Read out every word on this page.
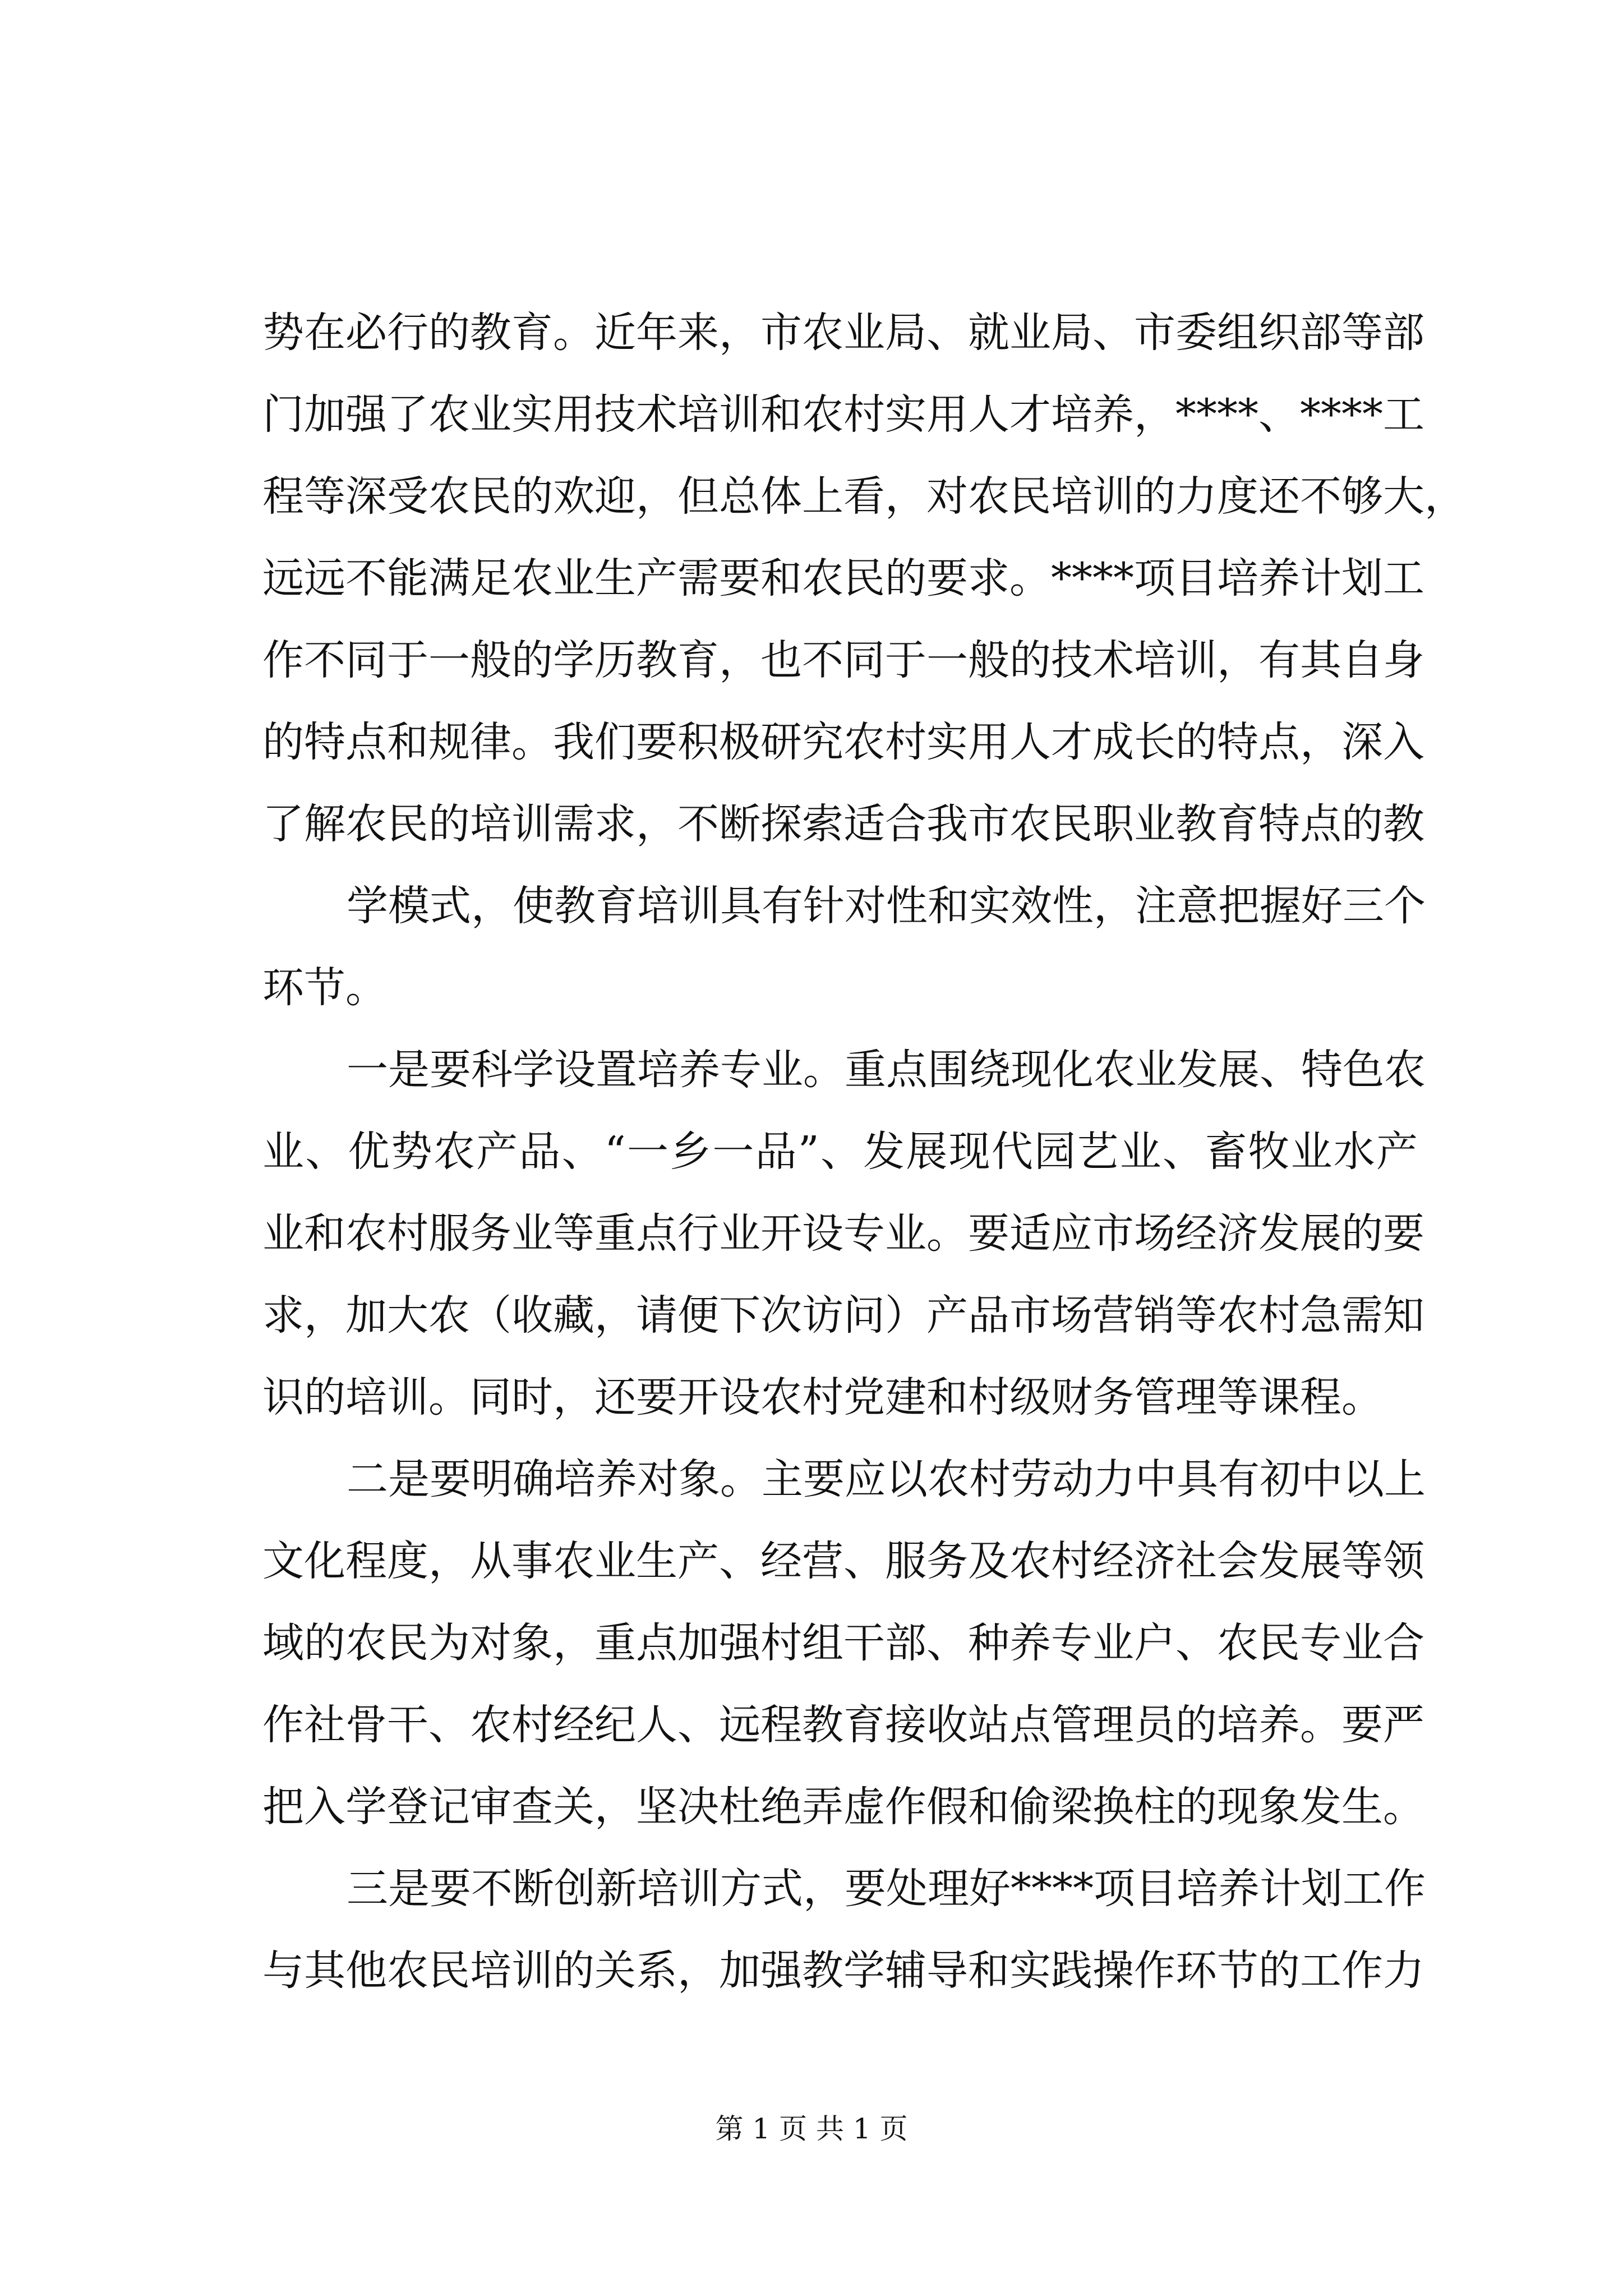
势在必行的教育。近年来，市农业局、就业局、市委组织部等部
门加强了农业实用技术培训和农村实用人才培养，****、****工
程等深受农民的欢迎，但总体上看，对农民培训的力度还不够大，
远远不能满足农业生产需要和农民的要求。****项目培养计划工
作不同于一般的学历教育，也不同于一般的技术培训，有其自身
的特点和规律。我们要积极研究农村实用人才成长的特点，深入
了解农民的培训需求，不断探索适合我市农民职业教育特点的教
学模式，使教育培训具有针对性和实效性，注意把握好三个
环节。
一是要科学设置培养专业。重点围绕现化农业发展、特色农
业、优势农产品、“一乡一品”、发展现代园艺业、畜牧业水产
业和农村服务业等重点行业开设专业。要适应市场经济发展的要
求，加大农（收藏，请便下次访问）产品市场营销等农村急需知
识的培训。同时，还要开设农村党建和村级财务管理等课程。
二是要明确培养对象。主要应以农村劳动力中具有初中以上
文化程度，从事农业生产、经营、服务及农村经济社会发展等领
域的农民为对象，重点加强村组干部、种养专业户、农民专业合
作社骨干、农村经纪人、远程教育接收站点管理员的培养。要严
把入学登记审查关，坚决杜绝弄虚作假和偷梁换柱的现象发生。
三是要不断创新培训方式，要处理好****项目培养计划工作
与其他农民培训的关系，加强教学辅导和实践操作环节的工作力
第 1 页 共 1 页
